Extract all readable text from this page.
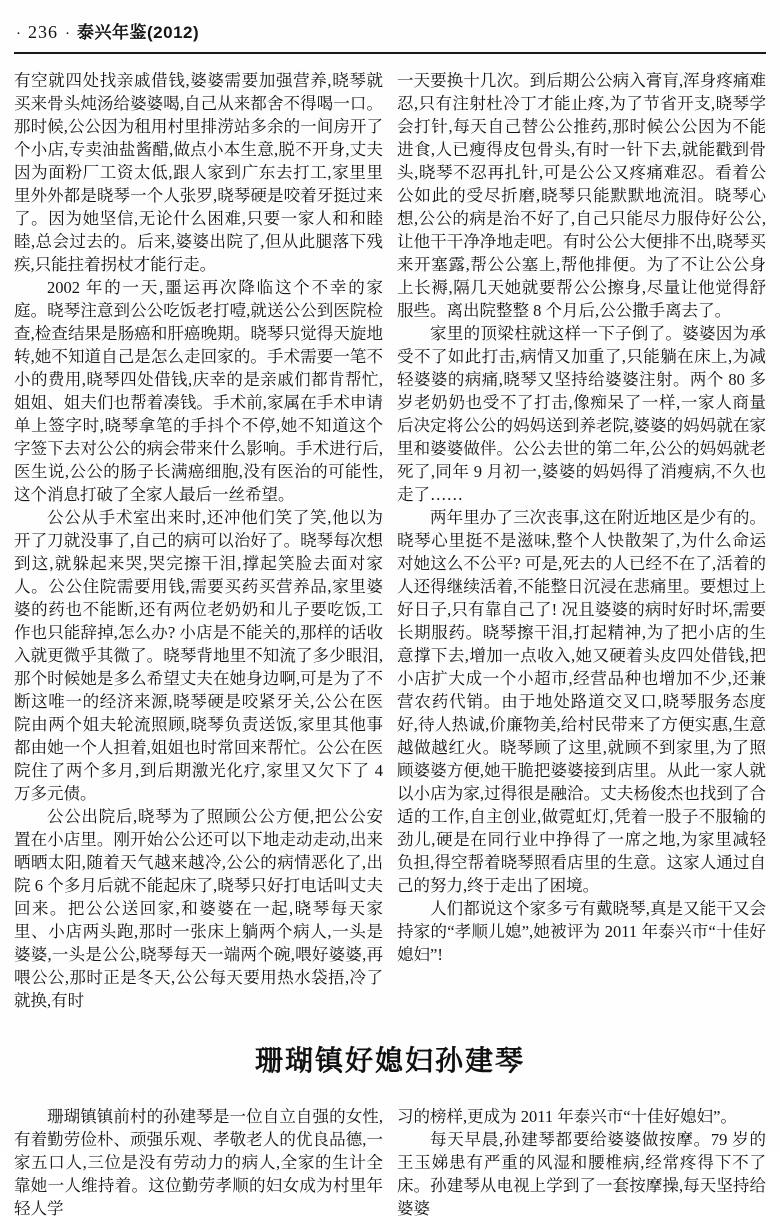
· 236 · 泰兴年鉴(2012)

有空就四处找亲戚借钱,婆婆需要加强营养,晓琴就买来骨头炖汤给婆婆喝,自己从来都舍不得喝一口。那时候,公公因为租用村里排涝站多余的一间房开了个小店,专卖油盐酱醋,做点小本生意,脱不开身,丈夫因为面粉厂工资太低,跟人家到广东去打工,家里里里外外都是晓琴一个人张罗,晓琴硬是咬着牙挺过来了。因为她坚信,无论什么困难,只要一家人和和睦睦,总会过去的。后来,婆婆出院了,但从此腿落下残疾,只能拄着拐杖才能行走。

2002 年的一天,噩运再次降临这个不幸的家庭。晓琴注意到公公吃饭老打噎,就送公公到医院检查,检查结果是肠癌和肝癌晚期。晓琴只觉得天旋地转,她不知道自己是怎么走回家的。手术需要一笔不小的费用,晓琴四处借钱,庆幸的是亲戚们都肯帮忙,姐姐、姐夫们也帮着凑钱。手术前,家属在手术申请单上签字时,晓琴拿笔的手抖个不停,她不知道这个字签下去对公公的病会带来什么影响。手术进行后,医生说,公公的肠子长满癌细胞,没有医治的可能性,这个消息打破了全家人最后一丝希望。

公公从手术室出来时,还冲他们笑了笑,他以为开了刀就没事了,自己的病可以治好了。晓琴每次想到这,就躲起来哭,哭完擦干泪,撑起笑脸去面对家人。公公住院需要用钱,需要买药买营养品,家里婆婆的药也不能断,还有两位老奶奶和儿子要吃饭,工作也只能辞掉,怎么办? 小店是不能关的,那样的话收入就更微乎其微了。晓琴背地里不知流了多少眼泪,那个时候她是多么希望丈夫在她身边啊,可是为了不断这唯一的经济来源,晓琴硬是咬紧牙关,公公在医院由两个姐夫轮流照顾,晓琴负责送饭,家里其他事都由她一个人担着,姐姐也时常回来帮忙。公公在医院住了两个多月,到后期激光化疗,家里又欠下了 4 万多元债。

公公出院后,晓琴为了照顾公公方便,把公公安置在小店里。刚开始公公还可以下地走动走动,出来晒晒太阳,随着天气越来越冷,公公的病情恶化了,出院 6 个多月后就不能起床了,晓琴只好打电话叫丈夫回来。把公公送回家,和婆婆在一起,晓琴每天家里、小店两头跑,那时一张床上躺两个病人,一头是婆婆,一头是公公,晓琴每天一端两个碗,喂好婆婆,再喂公公,那时正是冬天,公公每天要用热水袋捂,冷了就换,有时

一天要换十几次。到后期公公病入膏肓,浑身疼痛难忍,只有注射杜冷丁才能止疼,为了节省开支,晓琴学会打针,每天自己替公公推药,那时候公公因为不能进食,人已瘦得皮包骨头,有时一针下去,就能戳到骨头,晓琴不忍再扎针,可是公公又疼痛难忍。看着公公如此的受尽折磨,晓琴只能默默地流泪。晓琴心想,公公的病是治不好了,自己只能尽力服侍好公公,让他干干净净地走吧。有时公公大便排不出,晓琴买来开塞露,帮公公塞上,帮他排便。为了不让公公身上长褥,隔几天她就要帮公公擦身,尽量让他觉得舒服些。离出院整整 8 个月后,公公撒手离去了。

家里的顶梁柱就这样一下子倒了。婆婆因为承受不了如此打击,病情又加重了,只能躺在床上,为减轻婆婆的病痛,晓琴又坚持给婆婆注射。两个 80 多岁老奶奶也受不了打击,像痴呆了一样,一家人商量后决定将公公的妈妈送到养老院,婆婆的妈妈就在家里和婆婆做伴。公公去世的第二年,公公的妈妈就老死了,同年 9 月初一,婆婆的妈妈得了消瘦病,不久也走了……

两年里办了三次丧事,这在附近地区是少有的。晓琴心里挺不是滋味,整个人快散架了,为什么命运对她这么不公平? 可是,死去的人已经不在了,活着的人还得继续活着,不能整日沉浸在悲痛里。要想过上好日子,只有靠自己了! 况且婆婆的病时好时坏,需要长期服药。晓琴擦干泪,打起精神,为了把小店的生意撑下去,增加一点收入,她又硬着头皮四处借钱,把小店扩大成一个小超市,经营品种也增加不少,还兼营农药代销。由于地处路道交叉口,晓琴服务态度好,待人热诚,价廉物美,给村民带来了方便实惠,生意越做越红火。晓琴顾了这里,就顾不到家里,为了照顾婆婆方便,她干脆把婆婆接到店里。从此一家人就以小店为家,过得很是融洽。丈夫杨俊杰也找到了合适的工作,自主创业,做霓虹灯,凭着一股子不服输的劲儿,硬是在同行业中挣得了一席之地,为家里减轻负担,得空帮着晓琴照看店里的生意。这家人通过自己的努力,终于走出了困境。

人们都说这个家多亏有戴晓琴,真是又能干又会持家的“孝顺儿媳”,她被评为 2011 年泰兴市“十佳好媳妇”!

珊瑚镇好媳妇孙建琴

珊瑚镇镇前村的孙建琴是一位自立自强的女性,有着勤劳俭朴、顽强乐观、孝敬老人的优良品德,一家五口人,三位是没有劳动力的病人,全家的生计全靠她一人维持着。这位勤劳孝顺的妇女成为村里年轻人学

习的榜样,更成为 2011 年泰兴市“十佳好媳妇”。

每天早晨,孙建琴都要给婆婆做按摩。79 岁的王玉娣患有严重的风湿和腰椎病,经常疼得下不了床。孙建琴从电视上学到了一套按摩操,每天坚持给婆婆
